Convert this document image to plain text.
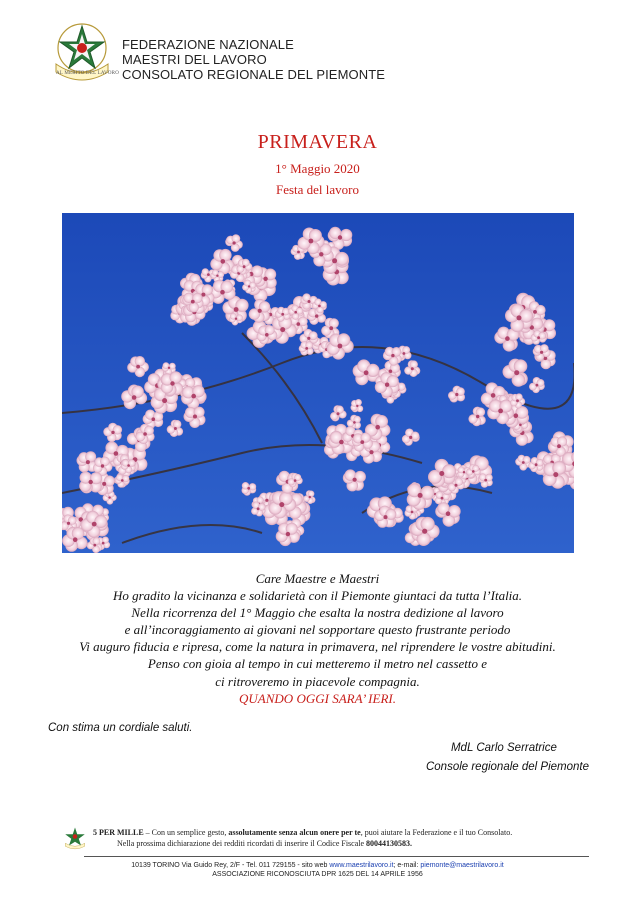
AL MERITO DEL LAVORO
FEDERAZIONE NAZIONALE
MAESTRI DEL LAVORO
CONSOLATO REGIONALE DEL PIEMONTE
PRIMAVERA
1° Maggio 2020
Festa del lavoro
Care Maestre e Maestri
Ho gradito la vicinanza e solidarietà con il Piemonte giuntaci da tutta l’Italia.
Nella ricorrenza del 1° Maggio che esalta la nostra dedizione al lavoro
e all’incoraggiamento ai giovani nel sopportare questo frustrante periodo
Vi auguro fiducia e ripresa, come la natura in primavera, nel riprendere le vostre abitudini.
Penso con gioia al tempo in cui metteremo il metro nel cassetto e
ci ritroveremo in piacevole compagnia.
QUANDO OGGI SARA’ IERI.
Con stima un cordiale saluti.
MdL Carlo Serratrice
Console regionale del Piemonte
5 PER MILLE – Con un semplice gesto, assolutamente senza alcun onere per te, puoi aiutare la Federazione e il tuo Consolato.
Nella prossima dichiarazione dei redditi ricordati di inserire il Codice Fiscale 80044130583.
10139 TORINO Via Guido Rey, 2/F - Tel. 011 729155 - sito web www.maestrilavoro.it; e-mail: piemonte@maestrilavoro.it
ASSOCIAZIONE RICONOSCIUTA DPR 1625 DEL 14 APRILE 1956
